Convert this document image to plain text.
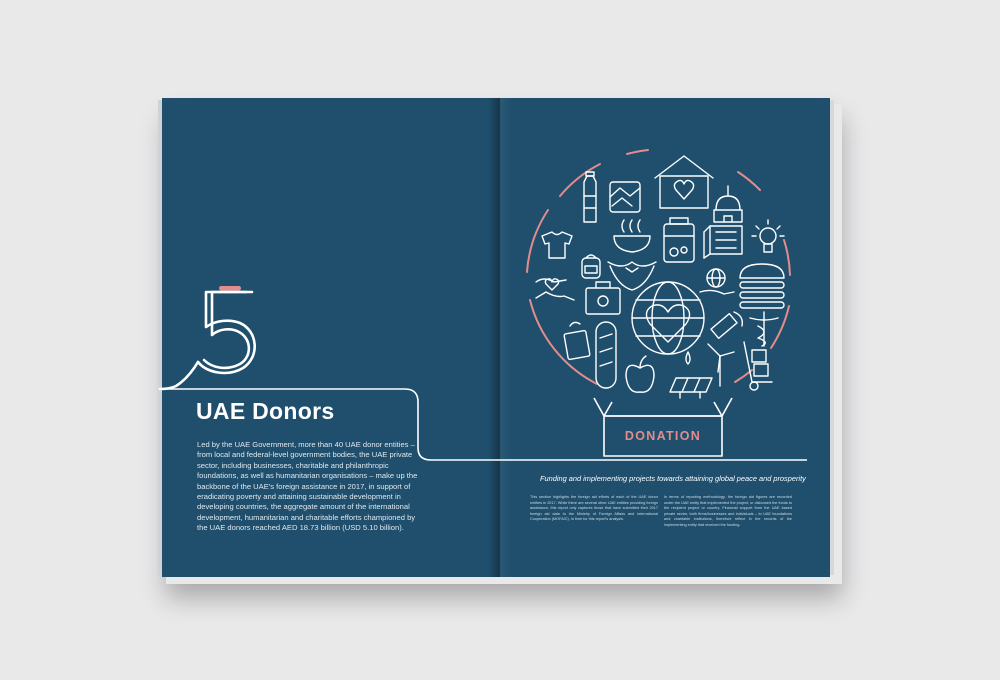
DONATION
UAE Donors

Led by the UAE Government, more than 40 UAE donor entities – from local and federal-level government bodies, the UAE private sector, including businesses, charitable and philanthropic foundations, as well as humanitarian organisations – make up the backbone of the UAE's foreign assistance in 2017, in support of eradicating poverty and attaining sustainable development in developing countries, the aggregate amount of the international development, humanitarian and charitable efforts championed by the UAE donors reached AED 18.73 billion (USD 5.10 billion).

Funding and implementing projects towards attaining global peace and prosperity

This section highlights the foreign aid efforts of each of the UAE donor entities in 2017. While there are several other UAE entities providing foreign assistance, this report only captures those that have submitted their 2017 foreign aid data to the Ministry of Foreign Affairs and International Cooperation (MOFAIC), in time for this report's analysis.

In terms of reporting methodology, the foreign aid figures are recorded under the UAE entity that implemented the project, or disbursed the funds to the recipient project or country. Financial support from the UAE based private sector, both firms/businesses and individuals – to UAE foundations and charitable institutions, therefore reflect in the records of the implementing entity that received the funding.
